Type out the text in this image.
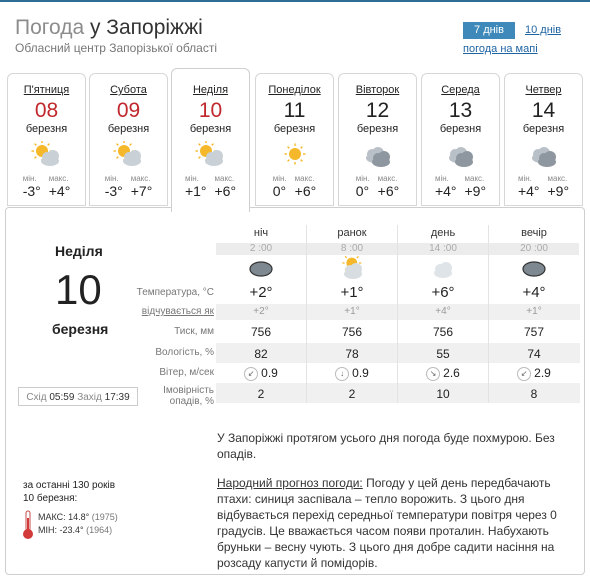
Погода у Запоріжжі
Обласний центр Запорізької області
7 днів	10 днів
погода на мапі
П'ятниця
08
березня
мін.
-3°
макс.
+4°
Субота
09
березня
мін.
-3°
макс.
+7°
Неділя
10
березня
мін.
+1°
макс.
+6°
Понеділок
11
березня
мін.
0°
макс.
+6°
Вівторок
12
березня
мін.
0°
макс.
+6°
Середа
13
березня
мін.
+4°
макс.
+9°
Четвер
14
березня
мін.
+4°
макс.
+9°
Неділя
10
березня
Схід 05:59 Захід 17:39
ніч
2 :00
+2°
+2°
756
82
↙ 0.9
2
ранок
8 :00
+1°
+1°
756
78
↓ 0.9
2
день
14 :00
+6°
+4°
756
55
↘ 2.6
10
вечір
20 :00
+4°
+1°
757
74
↙ 2.9
8
Температура, °C
відчувається як
Тиск, мм
Вологість, %
Вітер, м/сек
Імовірність
опадів, %
У Запоріжжі протягом усього дня погода буде похмурою. Без опадів.
Народний прогноз погоди: Погоду у цей день передбачають птахи: синиця заспівала – тепло ворожить. З цього дня відбувається перехід середньої температури повітря через 0 градусів. Це вважається часом появи проталин. Набухають бруньки – весну чують. З цього дня добре садити насіння на розсаду капусти й помідорів.
за останні 130 років
10 березня:
МАКС: 14.8° (1975)
МІН: -23.4° (1964)
